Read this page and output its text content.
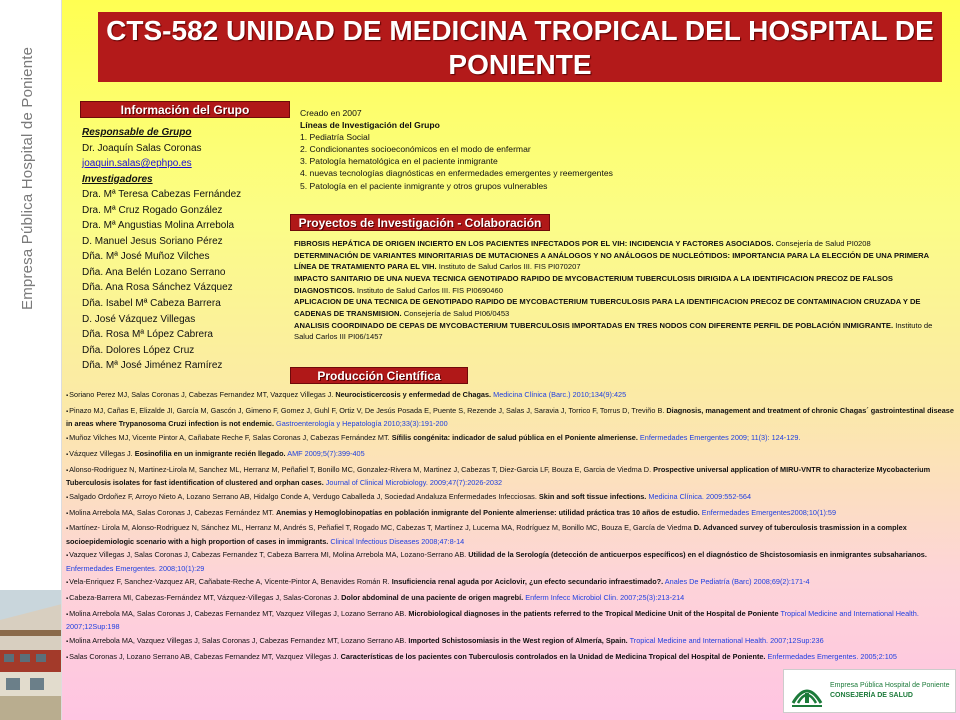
Empresa Pública Hospital de Poniente
CTS-582 UNIDAD DE MEDICINA TROPICAL DEL HOSPITAL DE PONIENTE
Información del Grupo
Responsable de Grupo
Dr. Joaquín Salas Coronas
joaquin.salas@ephpo.es
Investigadores
Dra. Mª Teresa Cabezas Fernández
Dra. Mª Cruz Rogado González
Dra. Mª Angustias Molina Arrebola
D. Manuel Jesus Soriano Pérez
Dña. Mª José Muñoz Vilches
Dña. Ana Belén Lozano Serrano
Dña. Ana Rosa Sánchez Vázquez
Dña. Isabel Mª Cabeza Barrera
D. José Vázquez Villegas
Dña. Rosa Mª López Cabrera
Dña. Dolores López Cruz
Dña. Mª José Jiménez Ramírez
Creado en 2007
Líneas de Investigación del Grupo
1. Pediatría Social
2. Condicionantes socioeconómicos en el modo de enfermar
3. Patología hematológica en el paciente inmigrante
4. nuevas tecnologías diagnósticas en enfermedades emergentes y reemergentes
5. Patología en el paciente inmigrante y otros grupos vulnerables
Proyectos de Investigación - Colaboración
FIBROSIS HEPÁTICA DE ORIGEN INCIERTO EN LOS PACIENTES INFECTADOS POR EL VIH: INCIDENCIA Y FACTORES ASOCIADOS. Consejería de Salud PI0208
DETERMINACIÓN DE VARIANTES MINORITARIAS DE MUTACIONES A ANÁLOGOS Y NO ANÁLOGOS DE NUCLEÓTIDOS: IMPORTANCIA PARA LA ELECCIÓN DE UNA PRIMERA LÍNEA DE TRATAMIENTO PARA EL VIH. Instituto de Salud Carlos III. FIS PI070207
IMPACTO SANITARIO DE UNA NUEVA TECNICA GENOTIPADO RAPIDO DE MYCOBACTERIUM TUBERCULOSIS DIRIGIDA A LA IDENTIFICACION PRECOZ DE FALSOS DIAGNOSTICOS. Instituto de Salud Carlos III. FIS PI0690460
APLICACION DE UNA TECNICA DE GENOTIPADO RAPIDO DE MYCOBACTERIUM TUBERCULOSIS PARA LA IDENTIFICACION PRECOZ DE CONTAMINACION CRUZADA Y DE CADENAS DE TRANSMISION. Consejería de Salud PI06/0453
ANALISIS COORDINADO DE CEPAS DE MYCOBACTERIUM TUBERCULOSIS IMPORTADAS EN TRES NODOS CON DIFERENTE PERFIL DE POBLACIÓN INMIGRANTE. Instituto de Salud Carlos III PI06/1457
Producción Científica
▪Soriano Perez MJ, Salas Coronas J, Cabezas Fernandez MT, Vazquez Villegas J. Neurocisticercosis y enfermedad de Chagas. Medicina Clínica (Barc.) 2010;134(9):425
▪Pinazo MJ, Cañas E, Elizalde JI, García M, Gascón J, Gimeno F, Gomez J, Guhl F, Ortiz V, De Jesús Posada E, Puente S, Rezende J, Salas J, Saravia J, Torrico F, Torrus D, Treviño B. Diagnosis, management and treatment of chronic Chagas´ gastrointestinal disease in areas where Trypanosoma Cruzi infection is not endemic. Gastroenterología y Hepatología 2010;33(3):191-200
▪Muñoz Vilches MJ, Vicente Pintor A, Cañabate Reche F, Salas Coronas J, Cabezas Fernández MT. Sífilis congénita: indicador de salud pública en el Poniente almeriense. Enfermedades Emergentes 2009; 11(3): 124-129.
▪Vázquez Villegas J. Eosinofilia en un inmigrante recién llegado. AMF 2009;5(7):399-405
▪Alonso-Rodriguez N, Martinez-Lirola M, Sanchez ML, Herranz M, Peñafiel T, Bonillo MC, Gonzalez-Rivera M, Martinez J, Cabezas T, Diez-Garcia LF, Bouza E, Garcia de Viedma D. Prospective universal application of MIRU-VNTR to characterize Mycobacterium Tuberculosis isolates for fast identification of clustered and orphan cases. Journal of Clinical Microbiology. 2009;47(7):2026-2032
▪Salgado Ordoñez F, Arroyo Nieto A, Lozano Serrano AB, Hidalgo Conde A, Verdugo Caballeda J, Sociedad Andaluza Enfermedades Infecciosas. Skin and soft tissue infections. Medicina Clínica. 2009:552-564
▪Molina Arrebola MA, Salas Coronas J, Cabezas Fernández MT. Anemias y Hemoglobinopatías en población inmigrante del Poniente almeriense: utilidad práctica tras 10 años de estudio. Enfermedades Emergentes2008;10(1):59
▪Martínez- Lirola M, Alonso-Rodriguez N, Sánchez ML, Herranz M, Andrés S, Peñafiel T, Rogado MC, Cabezas T, Martínez J, Lucerna MA, Rodríguez M, Bonillo MC, Bouza E, García de Viedma D. Advanced survey of tuberculosis trasmission in a complex socioepidemiologic scenario with a high proportion of cases in immigrants. Clinical Infectious Diseases 2008;47:8-14
▪Vazquez Villegas J, Salas Coronas J, Cabezas Fernandez T, Cabeza Barrera MI, Molina Arrebola MA, Lozano-Serrano AB. Utilidad de la Serología (detección de anticuerpos específicos) en el diagnóstico de Shcistosomiasis en inmigrantes subsaharianos. Enfermedades Emergentes. 2008;10(1):29
▪Vela-Enriquez F, Sanchez-Vazquez AR, Cañabate-Reche A, Vicente-Pintor A, Benavides Román R. Insuficiencia renal aguda por Aciclovir, ¿un efecto secundario infraestimado?. Anales De Pediatría (Barc) 2008;69(2):171-4
▪Cabeza-Barrera MI, Cabezas-Fernández MT, Vázquez-Villegas J, Salas-Coronas J. Dolor abdominal de una paciente de origen magrebí. Enferm Infecc Microbiol Clin. 2007;25(3):213-214
▪Molina Arrebola MA, Salas Coronas J, Cabezas Fernandez MT, Vazquez Villegas J, Lozano Serrano AB. Microbiological diagnoses in the patients referred to the Tropical Medicine Unit of the Hospital de Poniente Tropical Medicine and International Health. 2007;12Sup:198
▪Molina Arrebola MA, Vazquez Villegas J, Salas Coronas J, Cabezas Fernandez MT, Lozano Serrano AB. Imported Schistosomiasis in the West region of Almería, Spain. Tropical Medicine and International Health. 2007;12Sup:236
▪Salas Coronas J, Lozano Serrano AB, Cabezas Fernandez MT, Vazquez Villegas J. Características de los pacientes con Tuberculosis controlados en la Unidad de Medicina Tropical del Hospital de Poniente. Enfermedades Emergentes. 2005;2:105
Empresa Pública Hospital de Poniente
CONSEJERÍA DE SALUD
